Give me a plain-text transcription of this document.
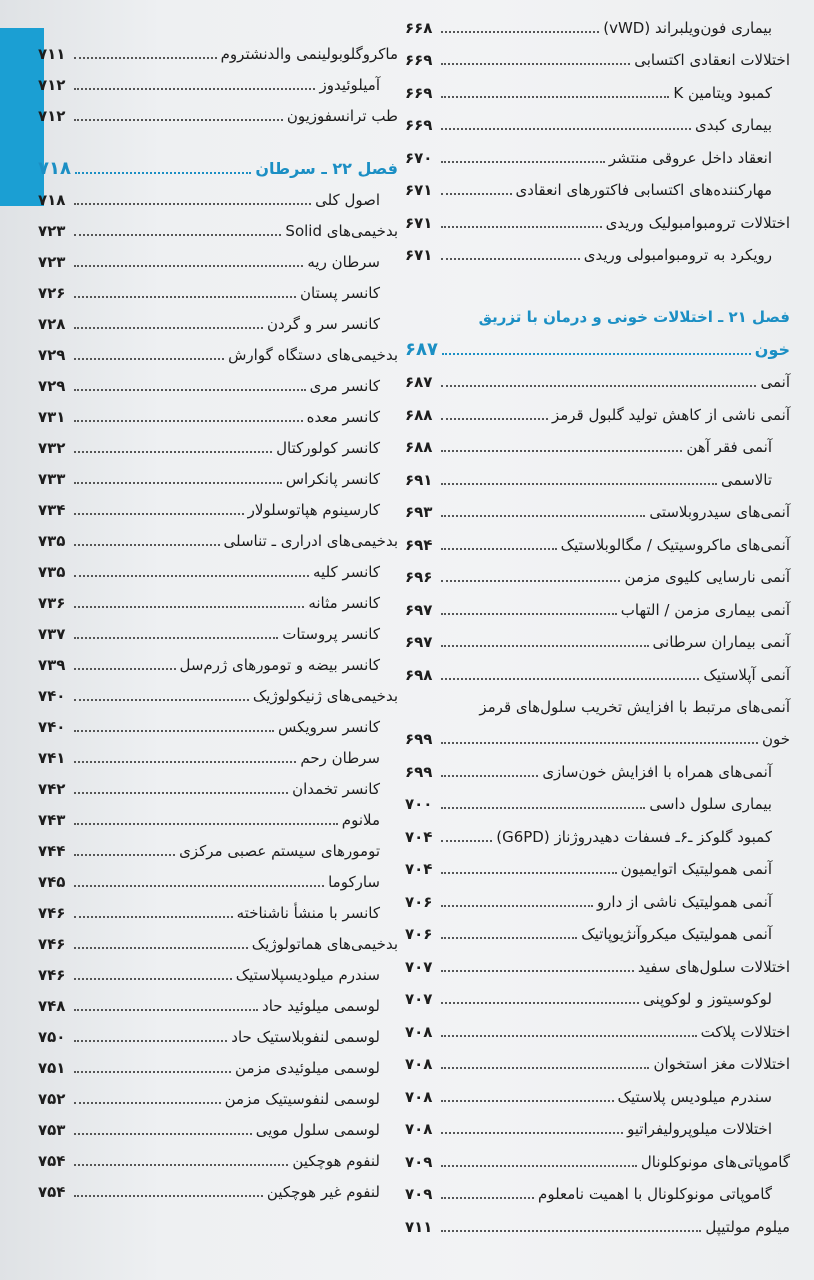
بیماری فون‌ویلبراند (vWD)
۶۶۸
اختلالات انعقادی اکتسابی
۶۶۹
کمبود ویتامین K
۶۶۹
بیماری کبدی
۶۶۹
انعقاد داخل عروقی منتشر
۶۷۰
مهارکننده‌های اکتسابی فاکتورهای انعقادی
۶۷۱
اختلالات ترومبوامبولیک وریدی
۶۷۱
رویکرد به ترومبوامبولی وریدی
۶۷۱
فصل ۲۱ ـ اختلالات خونی و درمان با تزریق
خون
۶۸۷
آنمی
۶۸۷
آنمی ناشی از کاهش تولید گلبول قرمز
۶۸۸
آنمی فقر آهن
۶۸۸
تالاسمی
۶۹۱
آنمی‌های سیدروبلاستی
۶۹۳
آنمی‌های ماکروسیتیک / مگالوبلاستیک
۶۹۴
آنمی نارسایی کلیوی مزمن
۶۹۶
آنمی بیماری مزمن / التهاب
۶۹۷
آنمی بیماران سرطانی
۶۹۷
آنمی آپلاستیک
۶۹۸
آنمی‌های مرتبط با افزایش تخریب سلول‌های قرمز
خون
۶۹۹
آنمی‌های همراه با افزایش خون‌سازی
۶۹۹
بیماری سلول داسی
۷۰۰
کمبود گلوکز ـ۶ـ فسفات دهیدروژناز (G6PD)
۷۰۴
آنمی همولیتیک اتوایمیون
۷۰۴
آنمی همولیتیک ناشی از دارو
۷۰۶
آنمی همولیتیک میکروآنژیوپاتیک
۷۰۶
اختلالات سلول‌های سفید
۷۰۷
لوکوسیتوز و لوکوپنی
۷۰۷
اختلالات پلاکت
۷۰۸
اختلالات مغز استخوان
۷۰۸
سندرم میلودیس پلاستیک
۷۰۸
اختلالات میلوپرولیفراتیو
۷۰۸
گاموپاتی‌های مونوکلونال
۷۰۹
گاموپاتی مونوکلونال با اهمیت نامعلوم
۷۰۹
میلوم مولتیپل
۷۱۱
ماکروگلوبولینمی والدنشتروم
۷۱۱
آمیلوئیدوز
۷۱۲
طب ترانسفوزیون
۷۱۲
فصل ۲۲ ـ سرطان
۷۱۸
اصول کلی
۷۱۸
بدخیمی‌های Solid
۷۲۳
سرطان ریه
۷۲۳
کانسر پستان
۷۲۶
کانسر سر و گردن
۷۲۸
بدخیمی‌های دستگاه گوارش
۷۲۹
کانسر مری
۷۲۹
کانسر معده
۷۳۱
کانسر کولورکتال
۷۳۲
کانسر پانکراس
۷۳۳
کارسینوم هپاتوسلولار
۷۳۴
بدخیمی‌های ادراری ـ تناسلی
۷۳۵
کانسر کلیه
۷۳۵
کانسر مثانه
۷۳۶
کانسر پروستات
۷۳۷
کانسر بیضه و تومورهای ژرم‌سل
۷۳۹
بدخیمی‌های ژنیکولوژیک
۷۴۰
کانسر سرویکس
۷۴۰
سرطان رحم
۷۴۱
کانسر تخمدان
۷۴۲
ملانوم
۷۴۳
تومورهای سیستم عصبی مرکزی
۷۴۴
سارکوما
۷۴۵
کانسر با منشأ ناشناخته
۷۴۶
بدخیمی‌های هماتولوژیک
۷۴۶
سندرم میلودیسپلاستیک
۷۴۶
لوسمی میلوئید حاد
۷۴۸
لوسمی لنفوبلاستیک حاد
۷۵۰
لوسمی میلوئیدی مزمن
۷۵۱
لوسمی لنفوسیتیک مزمن
۷۵۲
لوسمی سلول مویی
۷۵۳
لنفوم هوچکین
۷۵۴
لنفوم غیر هوچکین
۷۵۴
